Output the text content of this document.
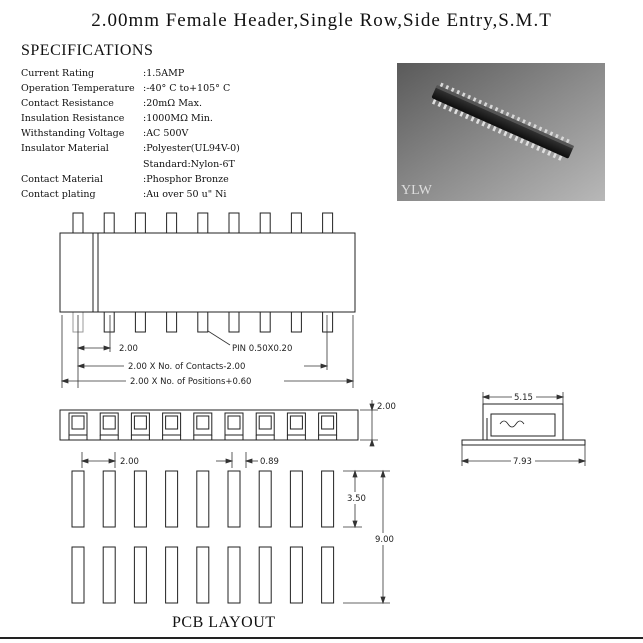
2.00mm Female Header,Single Row,Side Entry,S.M.T
SPECIFICATIONS
Current Rating	:1.5AMP
Operation Temperature :-40° C to+105° C
Contact Resistance	:20mΩ Max.
Insulation Resistance	:1000MΩ Min.
Withstanding Voltage	:AC 500V
Insulator Material	:Polyester(UL94V-0)
Standard:Nylon-6T
Contact Material	:Phosphor Bronze
Contact plating	:Au over 50 u" Ni	YLW
2.00	PIN 0.50X0.20
2.00 X No. of Contacts-2.00
2.00 X No. of Positions+0.60
2.00
5.15
7.93
2.00	0.89
3.50
9.00
PCB LAYOUT
